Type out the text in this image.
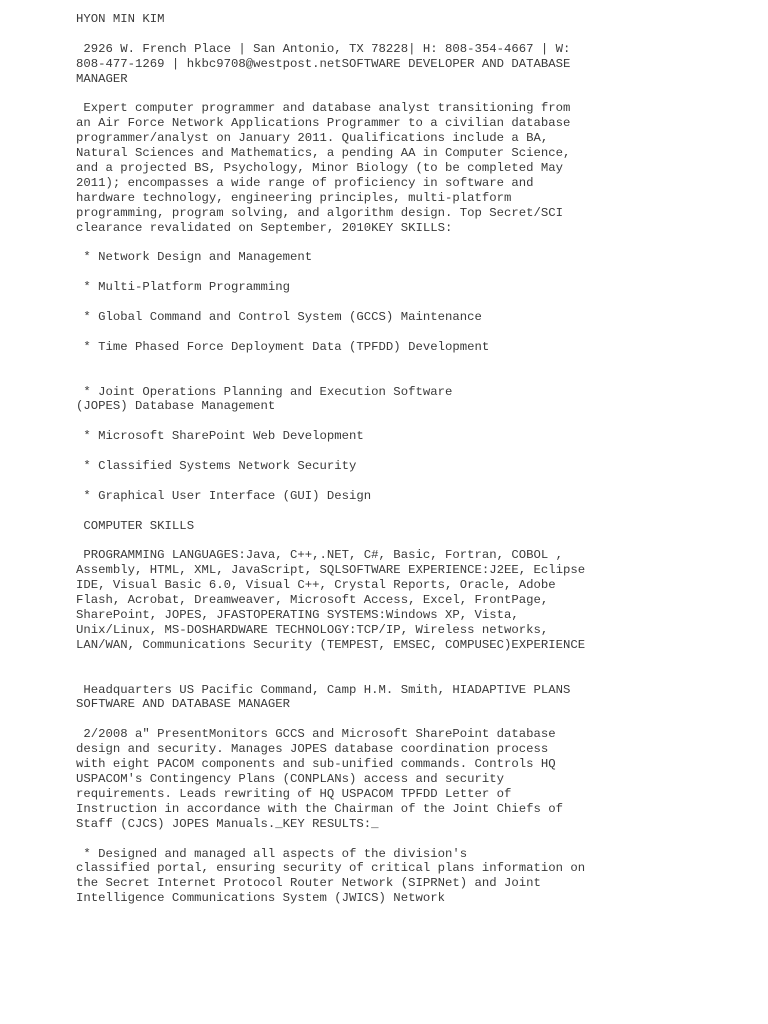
HYON MIN KIM
2926 W. French Place | San Antonio, TX 78228| H: 808-354-4667 | W:
808-477-1269 | hkbc9708@westpost.netSOFTWARE DEVELOPER AND DATABASE
MANAGER
Expert computer programmer and database analyst transitioning from
an Air Force Network Applications Programmer to a civilian database
programmer/analyst on January 2011. Qualifications include a BA,
Natural Sciences and Mathematics, a pending AA in Computer Science,
and a projected BS, Psychology, Minor Biology (to be completed May
2011); encompasses a wide range of proficiency in software and
hardware technology, engineering principles, multi-platform
programming, program solving, and algorithm design. Top Secret/SCI
clearance revalidated on September, 2010KEY SKILLS:
* Network Design and Management
* Multi-Platform Programming
* Global Command and Control System (GCCS) Maintenance
* Time Phased Force Deployment Data (TPFDD) Development
* Joint Operations Planning and Execution Software
(JOPES) Database Management
* Microsoft SharePoint Web Development
* Classified Systems Network Security
* Graphical User Interface (GUI) Design
COMPUTER SKILLS
PROGRAMMING LANGUAGES:Java, C++,.NET, C#, Basic, Fortran, COBOL ,
Assembly, HTML, XML, JavaScript, SQLSOFTWARE EXPERIENCE:J2EE, Eclipse
IDE, Visual Basic 6.0, Visual C++, Crystal Reports, Oracle, Adobe
Flash, Acrobat, Dreamweaver, Microsoft Access, Excel, FrontPage,
SharePoint, JOPES, JFASTOPERATING SYSTEMS:Windows XP, Vista,
Unix/Linux, MS-DOSHARDWARE TECHNOLOGY:TCP/IP, Wireless networks,
LAN/WAN, Communications Security (TEMPEST, EMSEC, COMPUSEC)EXPERIENCE
Headquarters US Pacific Command, Camp H.M. Smith, HIADAPTIVE PLANS
SOFTWARE AND DATABASE MANAGER
2/2008 a" PresentMonitors GCCS and Microsoft SharePoint database
design and security. Manages JOPES database coordination process
with eight PACOM components and sub-unified commands. Controls HQ
USPACOM's Contingency Plans (CONPLANs) access and security
requirements. Leads rewriting of HQ USPACOM TPFDD Letter of
Instruction in accordance with the Chairman of the Joint Chiefs of
Staff (CJCS) JOPES Manuals._KEY RESULTS:_
* Designed and managed all aspects of the division's
classified portal, ensuring security of critical plans information on
the Secret Internet Protocol Router Network (SIPRNet) and Joint
Intelligence Communications System (JWICS) Network
